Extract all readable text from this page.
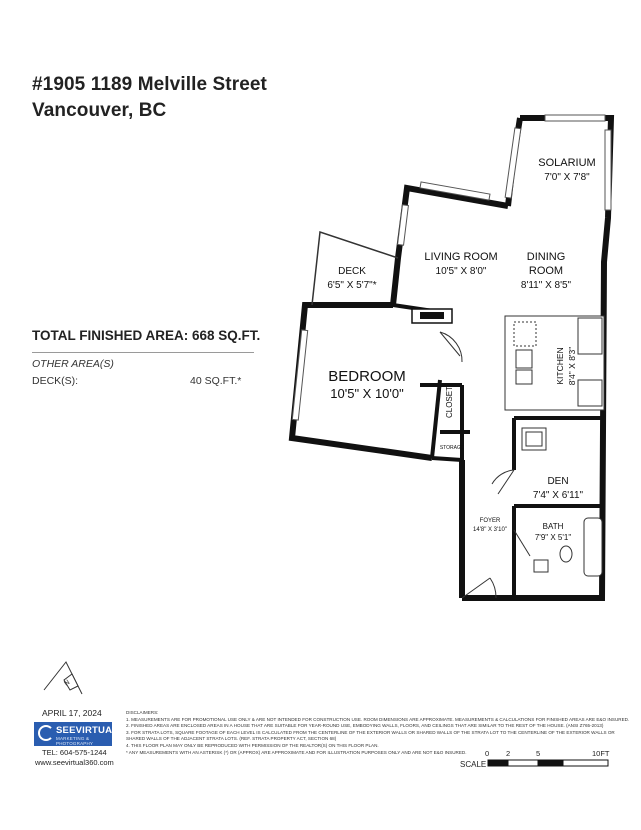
#1905 1189 Melville Street
Vancouver, BC
TOTAL FINISHED AREA: 668 SQ.FT.
OTHER AREA(S)
DECK(S):	40 SQ.FT.*
SOLARIUM
7'0" X 7'8"
LIVING ROOM
10'5" X 8'0"
DINING
ROOM
8'11" X 8'5"
DECK
6'5" X 5'7"*
BEDROOM
10'5" X 10'0"	CLOSET
STORAGE
KITCHEN 8'4" X 8'3"
DEN
7'4" X 6'11"
FOYER
14'8" X 3'10"	BATH
7'9" X 5'1"
N
APRIL 17, 2024
SEEVIRTUAL
MARKETING & PHOTOGRAPHY
TEL: 604-575-1244
www.seevirtual360.com
DISCLAIMERS:
1. MEASUREMENTS ARE FOR PROMOTIONAL USE ONLY & ARE NOT INTENDED FOR CONSTRUCTION USE. ROOM DIMENSIONS ARE APPROXIMATE. MEASUREMENTS & CALCULATIONS FOR FINISHED AREAS ARE E&O INSURED.
2. FINISHED AREAS ARE ENCLOSED AREAS IN A HOUSE THAT ARE SUITABLE FOR YEAR-ROUND USE, EMBODYING WALLS, FLOORS, AND CEILINGS THAT ARE SIMILAR TO THE REST OF THE HOUSE. (ANSI Z765-2013)
3. FOR STRATA LOTS, SQUARE FOOTAGE OF EACH LEVEL IS CALCULATED FROM THE CENTERLINE OF THE EXTERIOR WALLS OR SHARED WALLS OF THE STRATA LOT TO THE CENTERLINE OF THE EXTERIOR WALLS OR
SHARED WALLS OF THE ADJACENT STRATA LOTS. (REF. STRATA PROPERTY ACT, SECTION 68)
4. THIS FLOOR PLAN MAY ONLY BE REPRODUCED WITH PERMISSION OF THE REALTOR(S) ON THIS FLOOR PLAN.
* ANY MEASUREMENTS WITH AN ASTERISK (*) OR (APPROX) ARE APPROXIMATE AND FOR ILLUSTRATION PURPOSES ONLY AND ARE NOT E&O INSURED.
SCALE
0 2	5	10FT
